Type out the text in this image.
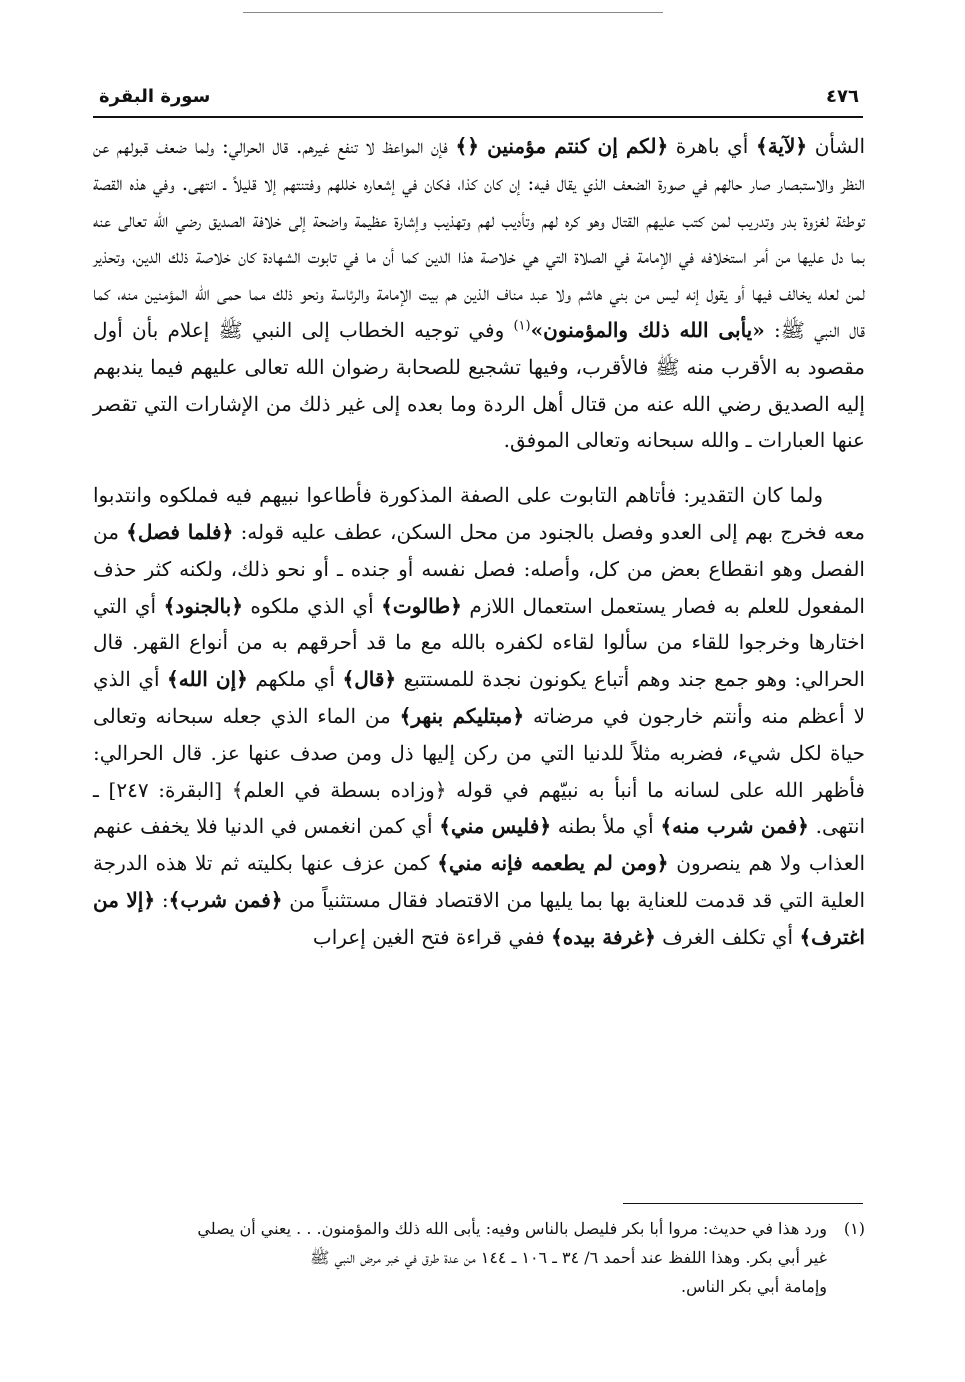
٤٧٦
سورة البقرة

الشأن ﴿لآية﴾ أي باهرة ﴿لكم إن كنتم مؤمنين ﴿﴾ فإن المواعظ لا تنفع غيرهم. قال الحرالي: ولما ضعف قبولهم عن النظر والاستبصار صار حالهم في صورة الضعف الذي يقال فيه: إن كان كذا، فكان في إشعاره خللهم وفتنتهم إلا قليلاً ـ انتهى. وفي هذه القصة توطئة لغزوة بدر وتدريب لمن كتب عليهم القتال وهو كره لهم وتأديب لهم وتهذيب وإشارة عظيمة واضحة إلى خلافة الصديق رضي الله تعالى عنه بما دل عليها من أمر استخلافه في الإمامة في الصلاة التي هي خلاصة هذا الدين كما أن ما في تابوت الشهادة كان خلاصة ذلك الدين، وتحذير لمن لعله يخالف فيها أو يقول إنه ليس من بني هاشم ولا عبد مناف الذين هم بيت الإمامة والرئاسة ونحو ذلك مما حمى الله المؤمنين منه، كما قال النبي ﷺ: «يأبى الله ذلك والمؤمنون»$^{(١)}$ وفي توجيه الخطاب إلى النبي ﷺ إعلام بأن أول مقصود به الأقرب منه ﷺ فالأقرب، وفيها تشجيع للصحابة رضوان الله تعالى عليهم فيما يندبهم إليه الصديق رضي الله عنه من قتال أهل الردة وما بعده إلى غير ذلك من الإشارات التي تقصر عنها العبارات ـ والله سبحانه وتعالى الموفق.

ولما كان التقدير: فأتاهم التابوت على الصفة المذكورة فأطاعوا نبيهم فيه فملكوه وانتدبوا معه فخرج بهم إلى العدو وفصل بالجنود من محل السكن، عطف عليه قوله: ﴿فلما فصل﴾ من الفصل وهو انقطاع بعض من كل، وأصله: فصل نفسه أو جنده ـ أو نحو ذلك، ولكنه كثر حذف المفعول للعلم به فصار يستعمل استعمال اللازم ﴿طالوت﴾ أي الذي ملكوه ﴿بالجنود﴾ أي التي اختارها وخرجوا للقاء من سألوا لقاءه لكفره بالله مع ما قد أحرقهم به من أنواع القهر. قال الحرالي: وهو جمع جند وهم أتباع يكونون نجدة للمستتبع ﴿قال﴾ أي ملكهم ﴿إن الله﴾ أي الذي لا أعظم منه وأنتم خارجون في مرضاته ﴿مبتليكم بنهر﴾ من الماء الذي جعله سبحانه وتعالى حياة لكل شيء، فضربه مثلاً للدنيا التي من ركن إليها ذل ومن صدف عنها عز. قال الحرالي: فأظهر الله على لسانه ما أنبأ به نبيّهم في قوله ﴿وزاده بسطة في العلم﴾ [البقرة: ٢٤٧] ـ انتهى. ﴿فمن شرب منه﴾ أي ملأ بطنه ﴿فليس مني﴾ أي كمن انغمس في الدنيا فلا يخفف عنهم العذاب ولا هم ينصرون ﴿ومن لم يطعمه فإنه مني﴾ كمن عزف عنها بكليته ثم تلا هذه الدرجة العلية التي قد قدمت للعناية بها بما يليها من الاقتصاد فقال مستثنياً من ﴿فمن شرب﴾: ﴿إلا من اغترف﴾ أي تكلف الغرف ﴿غرفة بيده﴾ ففي قراءة فتح الغين إعراب

(١)
ورد هذا في حديث: مروا أبا بكر فليصل بالناس وفيه: يأبى الله ذلك والمؤمنون. . . يعني أن يصلي
غير أبي بكر. وهذا اللفظ عند أحمد ٦/ ٣٤ ـ ١٠٦ ـ ١٤٤ من عدة طرق في خبر مرض النبي ﷺ
وإمامة أبي بكر الناس.
